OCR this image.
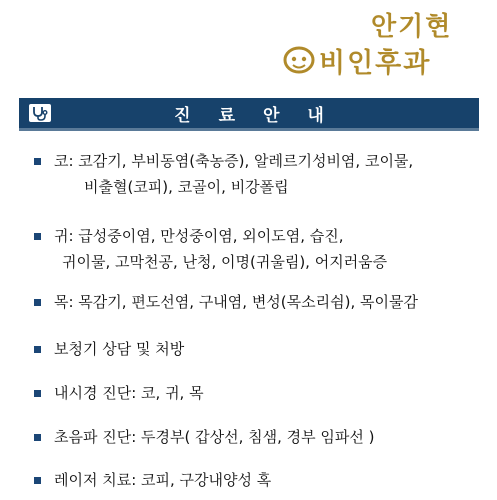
안기현
비인후과
진료안내
코: 코감기, 부비동염(축농증), 알레르기성비염, 코이물,
비출혈(코피), 코골이, 비강폴립
귀: 급성중이염, 만성중이염, 외이도염, 습진,
귀이물, 고막천공, 난청, 이명(귀울림), 어지러움증
목: 목감기, 편도선염, 구내염, 변성(목소리쉼), 목이물감
보청기 상담 및 처방
내시경 진단: 코, 귀, 목
초음파 진단: 두경부( 갑상선, 침샘, 경부 임파선 )
레이저 치료: 코피, 구강내양성 혹
